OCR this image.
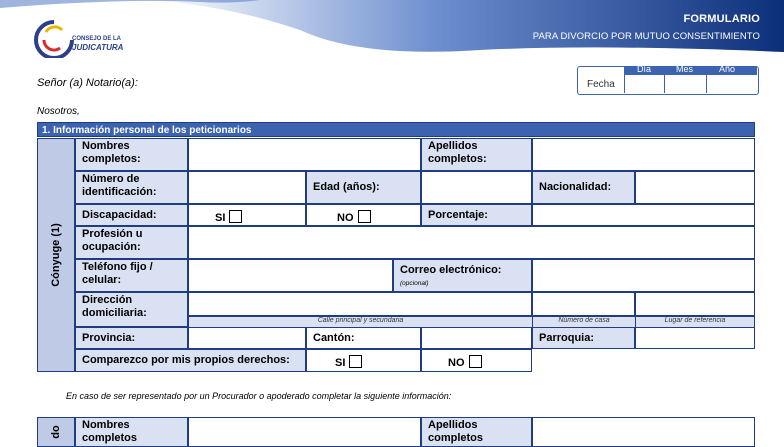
CONSEJO DE LA
JUDICATURA
FORMULARIO
PARA DIVORCIO POR MUTUO CONSENTIMIENTO
Señor (a) Notario(a):
Nosotros,
Día	Mes	Año
Fecha
1. Información personal de los peticionarios
Cónyuge (1)
Nombres completos:
Apellidos completos:
Número de identificación:	Edad (años):	Nacionalidad:
Discapacidad:	SI	NO	Porcentaje:
Profesión u ocupación:
Teléfono fijo / celular:
Correo electrónico:
(opcional)
Dirección domiciliaria:
Calle principal y secundaria	Número de casa	Lugar de referencia
Provincia:	Cantón:	Parroquia:
Comparezco por mis propios derechos:	SI	NO
En caso de ser representado por un Procurador o apoderado completar la siguiente información:
do
Nombres completos
Apellidos completos
